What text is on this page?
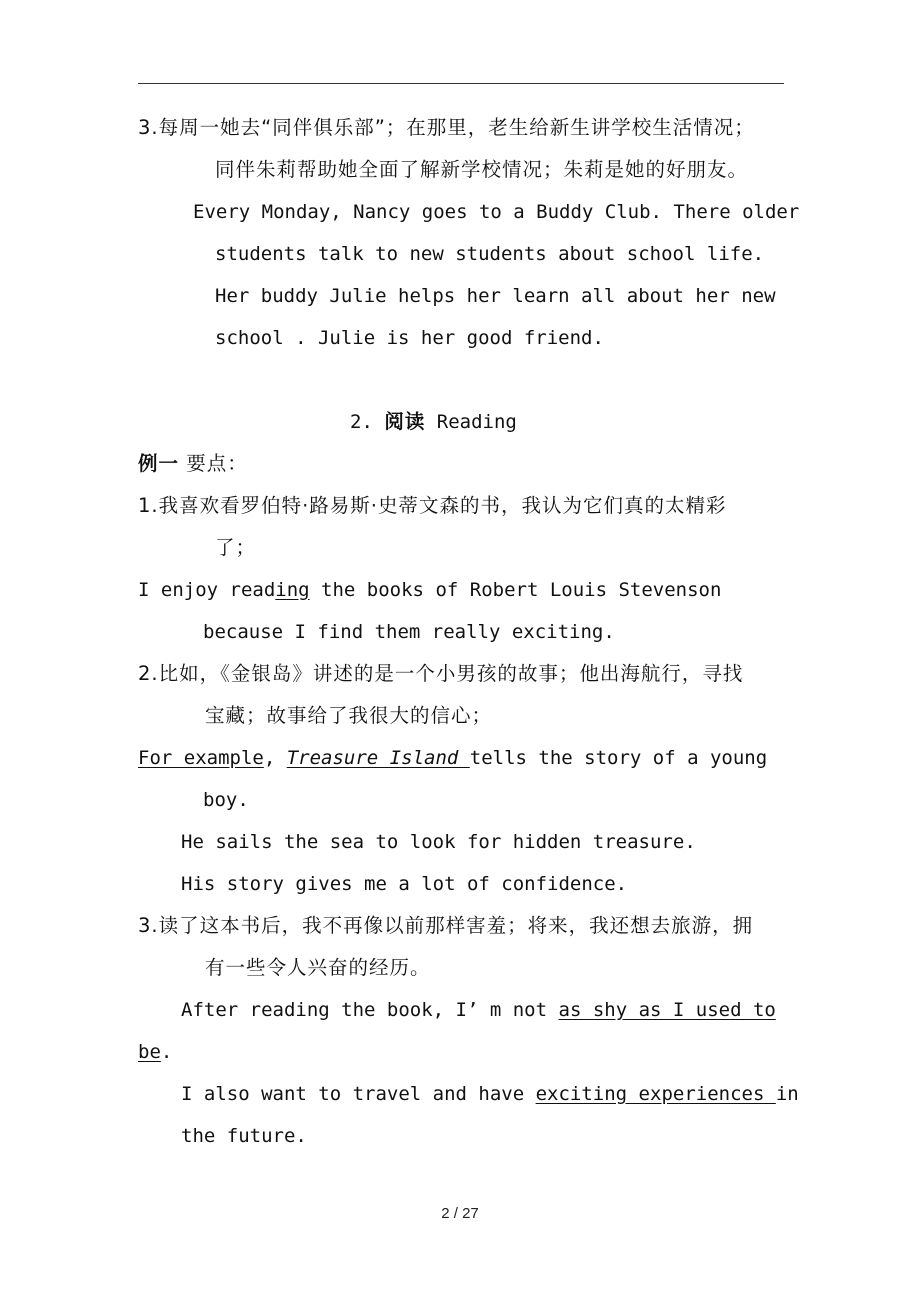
3.每周一她去“同伴俱乐部”；在那里，老生给新生讲学校生活情况；
同伴朱莉帮助她全面了解新学校情况；朱莉是她的好朋友。
Every Monday, Nancy goes to a Buddy Club. There older
students talk to new students about school life.
Her buddy Julie helps her learn all about her new
school . Julie is her good friend.
2. 阅读 Reading
例一 要点：
1.我喜欢看罗伯特·路易斯·史蒂文森的书，我认为它们真的太精彩
了；
I enjoy reading the books of Robert Louis Stevenson
because I find them really exciting.
2.比如，《金银岛》讲述的是一个小男孩的故事；他出海航行，寻找
宝藏；故事给了我很大的信心；
For example, Treasure Island tells the story of a young
boy.
He sails the sea to look for hidden treasure.
His story gives me a lot of confidence.
3.读了这本书后，我不再像以前那样害羞；将来，我还想去旅游，拥
有一些令人兴奋的经历。
After reading the book, I’ m not as shy as I used to
be.
I also want to travel and have exciting experiences in
the future.
2 / 27
